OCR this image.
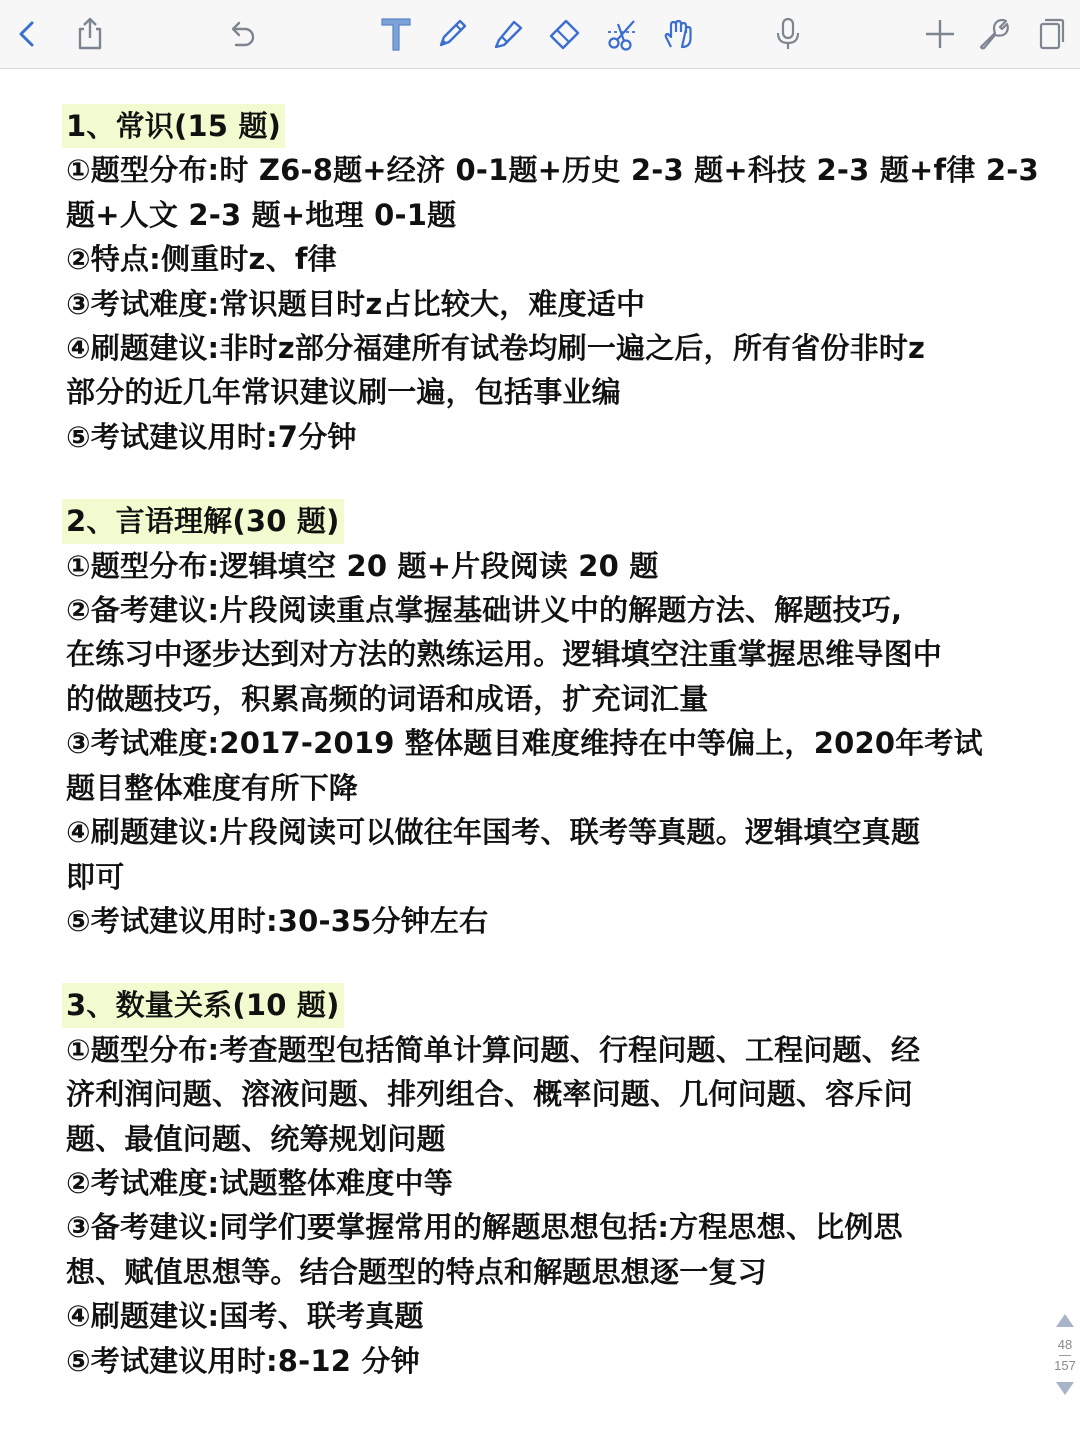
1、常识(15 题)

①题型分布:时 Z6-8题+经济 0-1题+历史 2-3 题+科技 2-3 题+f律 2-3

题+人文 2-3 题+地理 0-1题

②特点:侧重时z、f律

③考试难度:常识题目时z占比较大，难度适中

④刷题建议:非时z部分福建所有试卷均刷一遍之后，所有省份非时z

部分的近几年常识建议刷一遍，包括事业编

⑤考试建议用时:7分钟

2、言语理解(30 题)

①题型分布:逻辑填空 20 题+片段阅读 20 题

②备考建议:片段阅读重点掌握基础讲义中的解题方法、解题技巧,

在练习中逐步达到对方法的熟练运用。逻辑填空注重掌握思维导图中

的做题技巧，积累高频的词语和成语，扩充词汇量

③考试难度:2017-2019 整体题目难度维持在中等偏上，2020年考试

题目整体难度有所下降

④刷题建议:片段阅读可以做往年国考、联考等真题。逻辑填空真题

即可

⑤考试建议用时:30-35分钟左右

3、数量关系(10 题)

①题型分布:考查题型包括简单计算问题、行程问题、工程问题、经

济利润问题、溶液问题、排列组合、概率问题、几何问题、容斥问

题、最值问题、统筹规划问题

②考试难度:试题整体难度中等

③备考建议:同学们要掌握常用的解题思想包括:方程思想、比例思

想、赋值思想等。结合题型的特点和解题思想逐一复习

④刷题建议:国考、联考真题

⑤考试建议用时:8-12 分钟	48
157
